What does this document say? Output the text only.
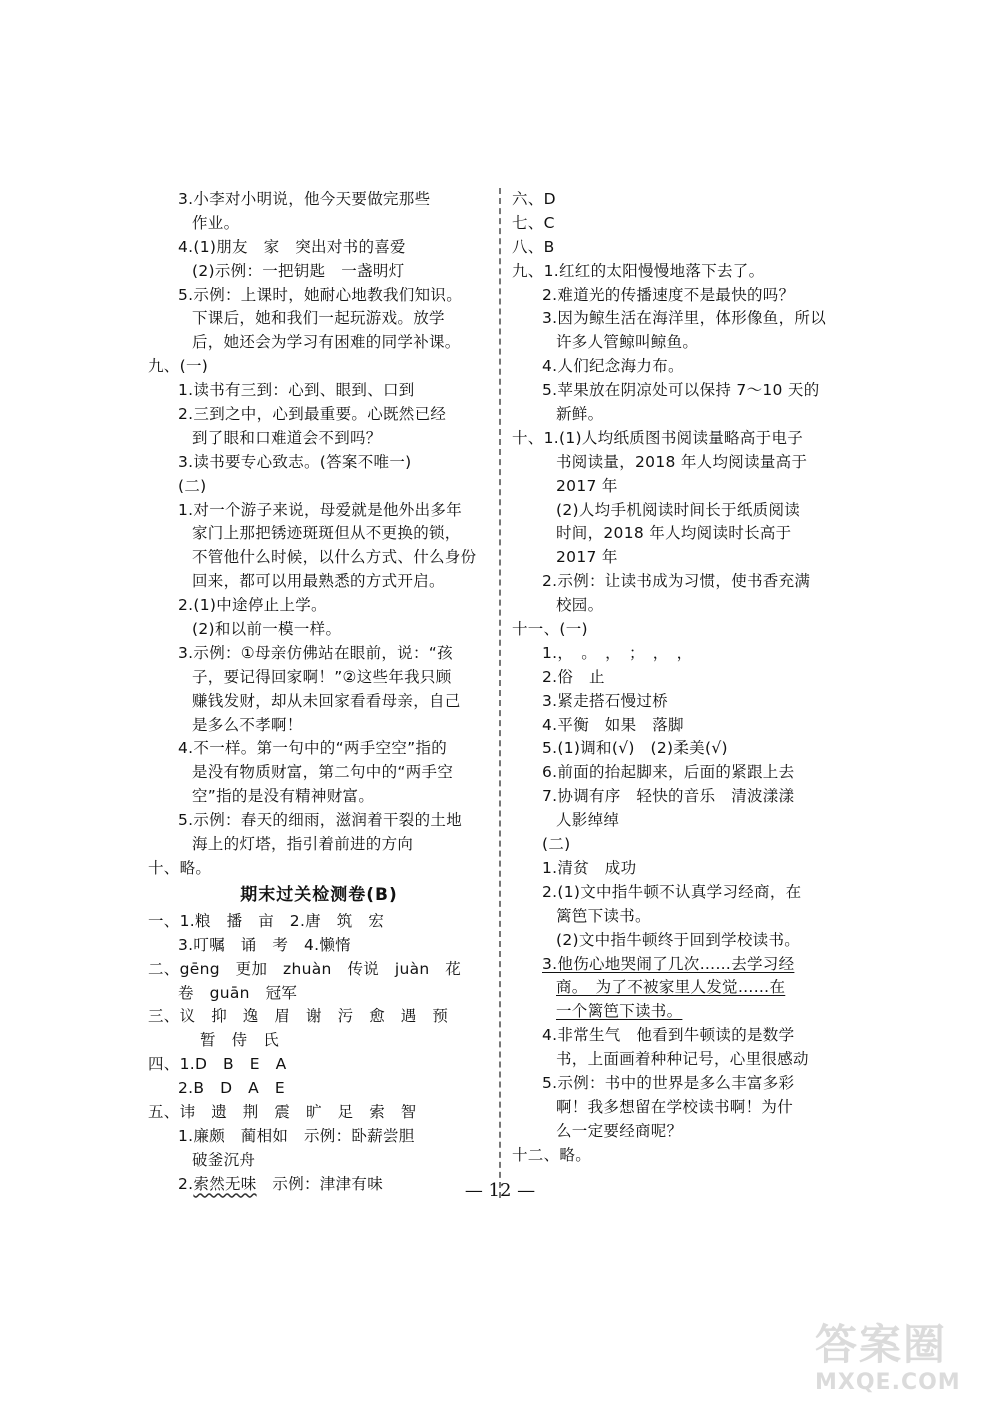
3.小李对小明说，他今天要做完那些
作业。
4.(1)朋友　家　突出对书的喜爱
(2)示例：一把钥匙　一盏明灯
5.示例：上课时，她耐心地教我们知识。
下课后，她和我们一起玩游戏。放学
后，她还会为学习有困难的同学补课。
九、(一)
1.读书有三到：心到、眼到、口到
2.三到之中，心到最重要。心既然已经
到了眼和口难道会不到吗？
3.读书要专心致志。(答案不唯一)
(二)
1.对一个游子来说，母爱就是他外出多年
家门上那把锈迹斑斑但从不更换的锁，
不管他什么时候，以什么方式、什么身份
回来，都可以用最熟悉的方式开启。
2.(1)中途停止上学。
(2)和以前一模一样。
3.示例：①母亲仿佛站在眼前，说：“孩
子，要记得回家啊！”②这些年我只顾
赚钱发财，却从未回家看看母亲，自己
是多么不孝啊！
4.不一样。第一句中的“两手空空”指的
是没有物质财富，第二句中的“两手空
空”指的是没有精神财富。
5.示例：春天的细雨，滋润着干裂的土地
海上的灯塔，指引着前进的方向
十、略。
期末过关检测卷(B)
一、1.粮　播　亩　2.唐　筑　宏
3.叮嘱　诵　考　4.懒惰
二、gēng　更加　zhuàn　传说　juàn　花
卷　guān　冠军
三、议　抑　逸　眉　谢　污　愈　遇　预
暂　侍　氏
四、1.D　B　E　A
2.B　D　A　E
五、讳　遗　荆　震　旷　足　索　智
1.廉颇　蔺相如　示例：卧薪尝胆
破釜沉舟
2.索然无味　示例：津津有味
六、D
七、C
八、B
九、1.红红的太阳慢慢地落下去了。
2.难道光的传播速度不是最快的吗？
3.因为鲸生活在海洋里，体形像鱼，所以
许多人管鲸叫鲸鱼。
4.人们纪念海力布。
5.苹果放在阴凉处可以保持 7～10 天的
新鲜。
十、1.(1)人均纸质图书阅读量略高于电子
书阅读量，2018 年人均阅读量高于
2017 年
(2)人均手机阅读时间长于纸质阅读
时间，2018 年人均阅读时长高于
2017 年
2.示例：让读书成为习惯，使书香充满
校园。
十一、(一)
1.，　。　，　；　，　，
2.俗　止
3.紧走搭石慢过桥
4.平衡　如果　落脚
5.(1)调和(√)　(2)柔美(√)
6.前面的抬起脚来，后面的紧跟上去
7.协调有序　轻快的音乐　清波漾漾
人影绰绰
(二)
1.清贫　成功
2.(1)文中指牛顿不认真学习经商，在
篱笆下读书。
(2)文中指牛顿终于回到学校读书。
3.他伤心地哭闹了几次……去学习经
商。　为了不被家里人发觉……在
一个篱笆下读书。
4.非常生气　他看到牛顿读的是数学
书，上面画着种种记号，心里很感动
5.示例：书中的世界是多么丰富多彩
啊！我多想留在学校读书啊！为什
么一定要经商呢？
十二、略。
— 12 —
答案圈
MXQE.COM
